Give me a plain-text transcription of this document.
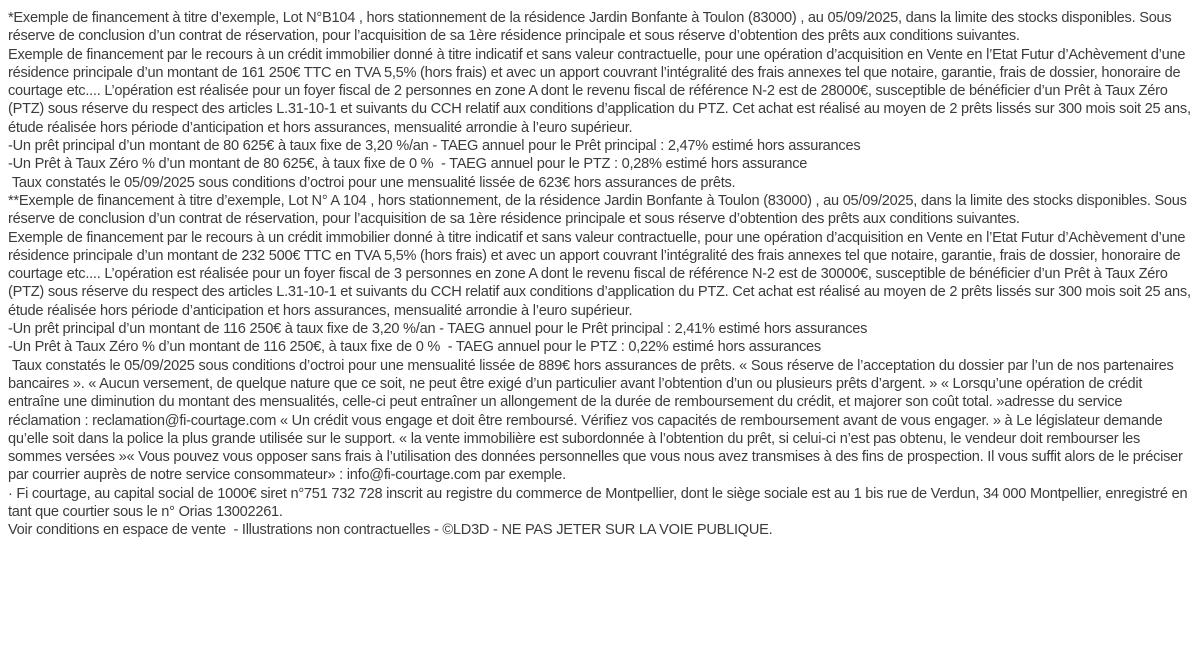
*Exemple de financement à titre d’exemple, Lot N°B104 , hors stationnement de la résidence Jardin Bonfante à Toulon (83000) , au 05/09/2025, dans la limite des stocks disponibles. Sous réserve de conclusion d’un contrat de réservation, pour l’acquisition de sa 1ère résidence principale et sous réserve d’obtention des prêts aux conditions suivantes.

Exemple de financement par le recours à un crédit immobilier donné à titre indicatif et sans valeur contractuelle, pour une opération d’acquisition en Vente en l’Etat Futur d’Achèvement d’une résidence principale d’un montant de 161 250€ TTC en TVA 5,5% (hors frais) et avec un apport couvrant l’intégralité des frais annexes tel que notaire, garantie, frais de dossier, honoraire de courtage etc.... L’opération est réalisée pour un foyer fiscal de 2 personnes en zone A dont le revenu fiscal de référence N-2 est de 28000€, susceptible de bénéficier d’un Prêt à Taux Zéro (PTZ) sous réserve du respect des articles L.31-10-1 et suivants du CCH relatif aux conditions d’application du PTZ. Cet achat est réalisé au moyen de 2 prêts lissés sur 300 mois soit 25 ans, étude réalisée hors période d’anticipation et hors assurances, mensualité arrondie à l’euro supérieur.

-Un prêt principal d’un montant de 80 625€ à taux fixe de 3,20 %/an - TAEG annuel pour le Prêt principal : 2,47% estimé hors assurances

-Un Prêt à Taux Zéro % d’un montant de 80 625€, à taux fixe de 0 %  - TAEG annuel pour le PTZ : 0,28% estimé hors assurance

Taux constatés le 05/09/2025 sous conditions d’octroi pour une mensualité lissée de 623€ hors assurances de prêts.

**Exemple de financement à titre d’exemple, Lot N° A 104 , hors stationnement, de la résidence Jardin Bonfante à Toulon (83000) , au 05/09/2025, dans la limite des stocks disponibles. Sous réserve de conclusion d’un contrat de réservation, pour l’acquisition de sa 1ère résidence principale et sous réserve d’obtention des prêts aux conditions suivantes.

Exemple de financement par le recours à un crédit immobilier donné à titre indicatif et sans valeur contractuelle, pour une opération d’acquisition en Vente en l’Etat Futur d’Achèvement d’une résidence principale d’un montant de 232 500€ TTC en TVA 5,5% (hors frais) et avec un apport couvrant l’intégralité des frais annexes tel que notaire, garantie, frais de dossier, honoraire de courtage etc.... L’opération est réalisée pour un foyer fiscal de 3 personnes en zone A dont le revenu fiscal de référence N-2 est de 30000€, susceptible de bénéficier d’un Prêt à Taux Zéro (PTZ) sous réserve du respect des articles L.31-10-1 et suivants du CCH relatif aux conditions d’application du PTZ. Cet achat est réalisé au moyen de 2 prêts lissés sur 300 mois soit 25 ans, étude réalisée hors période d’anticipation et hors assurances, mensualité arrondie à l’euro supérieur.

-Un prêt principal d’un montant de 116 250€ à taux fixe de 3,20 %/an - TAEG annuel pour le Prêt principal : 2,41% estimé hors assurances

-Un Prêt à Taux Zéro % d’un montant de 116 250€, à taux fixe de 0 %  - TAEG annuel pour le PTZ : 0,22% estimé hors assurances

Taux constatés le 05/09/2025 sous conditions d’octroi pour une mensualité lissée de 889€ hors assurances de prêts. « Sous réserve de l’acceptation du dossier par l’un de nos partenaires bancaires ». « Aucun versement, de quelque nature que ce soit, ne peut être exigé d’un particulier avant l’obtention d’un ou plusieurs prêts d’argent. » « Lorsqu’une opération de crédit entraîne une diminution du montant des mensualités, celle-ci peut entraîner un allongement de la durée de remboursement du crédit, et majorer son coût total. »adresse du service réclamation : reclamation@fi-courtage.com « Un crédit vous engage et doit être remboursé. Vérifiez vos capacités de remboursement avant de vous engager. » à Le législateur demande qu’elle soit dans la police la plus grande utilisée sur le support. « la vente immobilière est subordonnée à l’obtention du prêt, si celui-ci n’est pas obtenu, le vendeur doit rembourser les sommes versées »« Vous pouvez vous opposer sans frais à l’utilisation des données personnelles que vous nous avez transmises à des fins de prospection. Il vous suffit alors de le préciser par courrier auprès de notre service consommateur» : info@fi-courtage.com par exemple.

· Fi courtage, au capital social de 1000€ siret n°751 732 728 inscrit au registre du commerce de Montpellier, dont le siège sociale est au 1 bis rue de Verdun, 34 000 Montpellier, enregistré en tant que courtier sous le n° Orias 13002261.

Voir conditions en espace de vente  - Illustrations non contractuelles - ©LD3D - NE PAS JETER SUR LA VOIE PUBLIQUE.
